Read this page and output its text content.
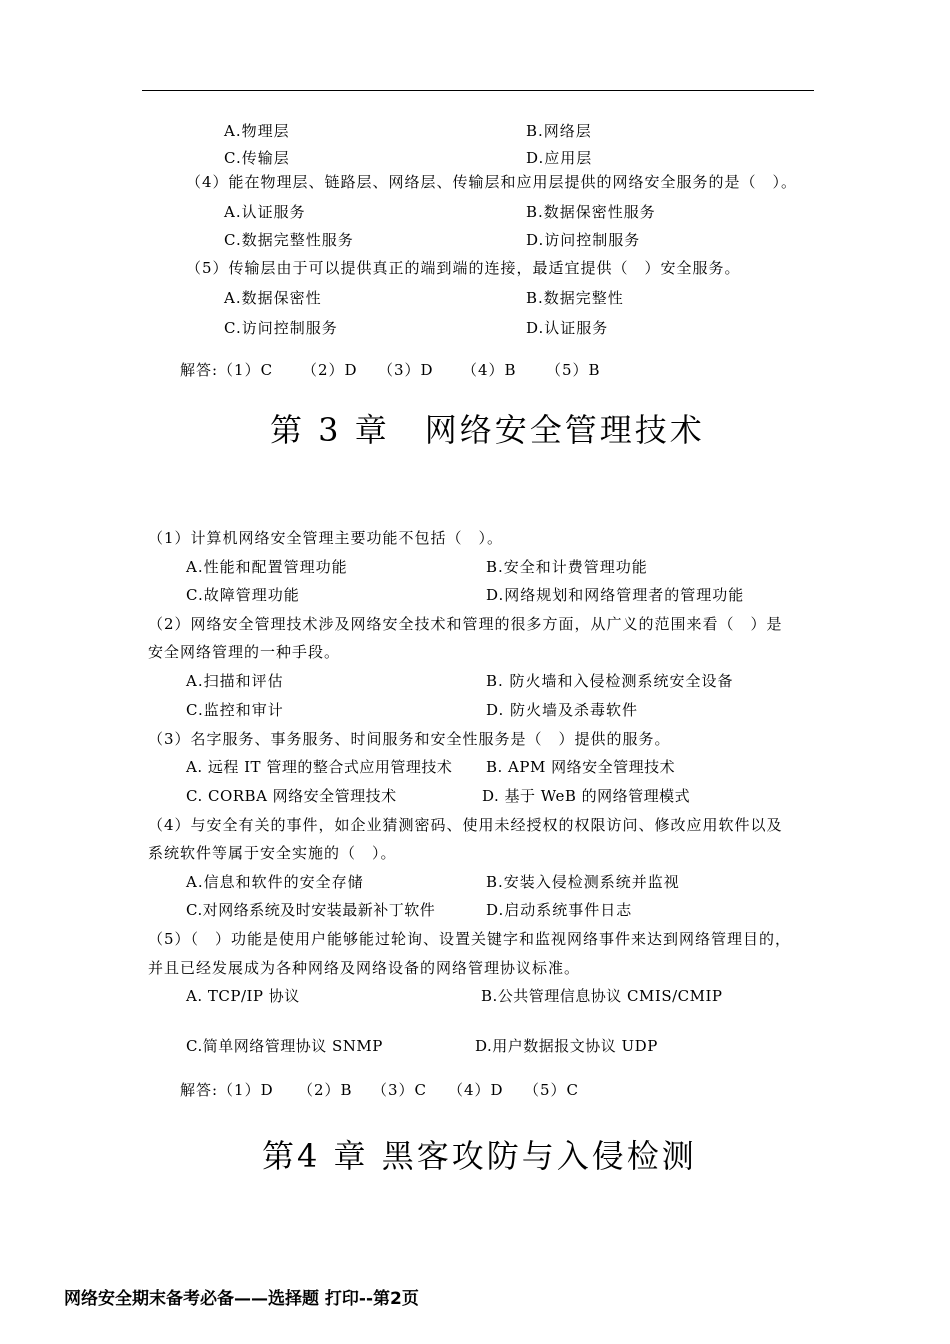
A.物理层	B.网络层
C.传输层	D.应用层
（4）能在物理层、链路层、网络层、传输层和应用层提供的网络安全服务的是（　）。
A.认证服务	B.数据保密性服务
C.数据完整性服务	D.访问控制服务
（5）传输层由于可以提供真正的端到端的连接，最适宜提供（　）安全服务。
A.数据保密性	B.数据完整性
C.访问控制服务	D.认证服务
解答:（1）C （2）D （3）D （4）B （5）B
第 3 章　网络安全管理技术
（1）计算机网络安全管理主要功能不包括（　）。
A.性能和配置管理功能	B.安全和计费管理功能
C.故障管理功能	D.网络规划和网络管理者的管理功能
（2）网络安全管理技术涉及网络安全技术和管理的很多方面，从广义的范围来看（　）是
安全网络管理的一种手段。
A.扫描和评估	B. 防火墙和入侵检测系统安全设备
C.监控和审计	D. 防火墙及杀毒软件
（3）名字服务、事务服务、时间服务和安全性服务是（　）提供的服务。
A. 远程 IT 管理的整合式应用管理技术 B. APM 网络安全管理技术
C. CORBA 网络安全管理技术	D. 基于 WeB 的网络管理模式
（4）与安全有关的事件，如企业猜测密码、使用未经授权的权限访问、修改应用软件以及
系统软件等属于安全实施的（　）。
A.信息和软件的安全存储	B.安装入侵检测系统并监视
C.对网络系统及时安装最新补丁软件	D.启动系统事件日志
（5）（　）功能是使用户能够能过轮询、设置关键字和监视网络事件来达到网络管理目的，
并且已经发展成为各种网络及网络设备的网络管理协议标准。
A. TCP/IP 协议	B.公共管理信息协议 CMIS/CMIP
C.简单网络管理协议 SNMP	D.用户数据报文协议 UDP
解答:（1）D （2）B （3）C （4）D （5）C
第4 章 黑客攻防与入侵检测
网络安全期末备考必备——选择题 打印--第2页
